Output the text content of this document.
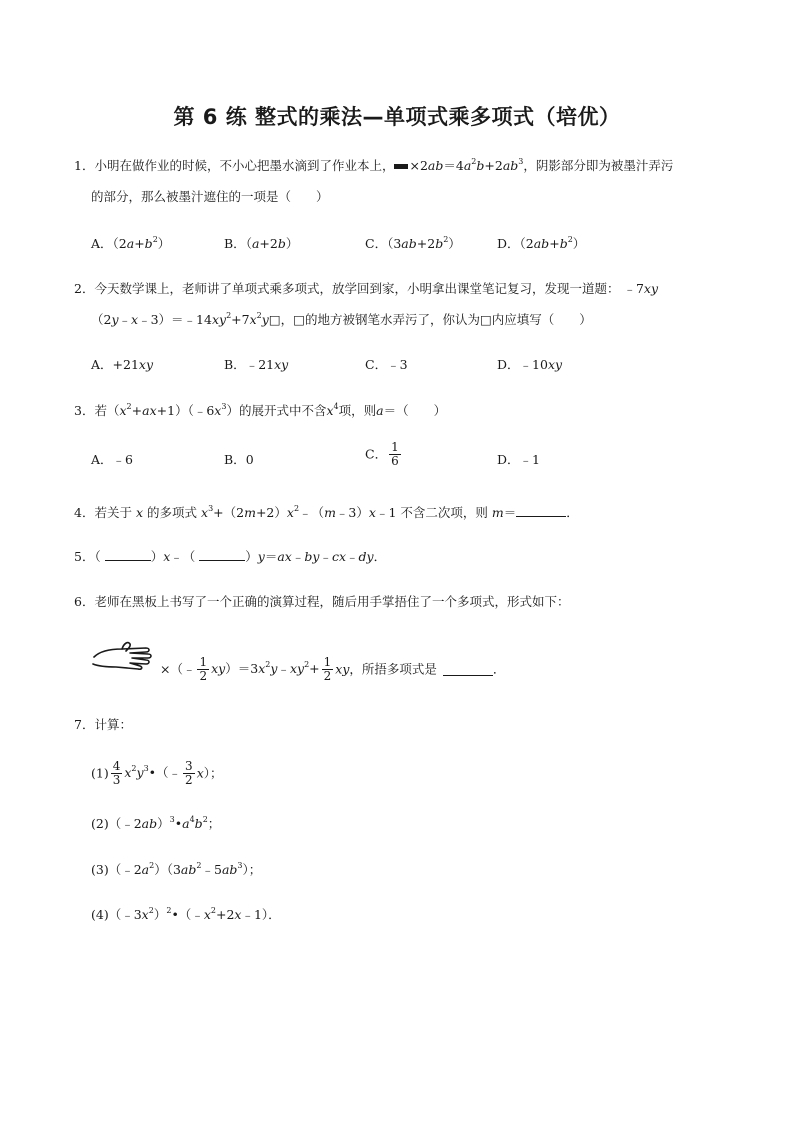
第 6 练 整式的乘法—单项式乘多项式（培优）
1．小明在做作业的时候，不小心把墨水滴到了作业本上， $\times 2ab=4a^2b+2ab^3$，阴影部分即为被墨汁弄污
的部分，那么被墨汁遮住的一项是（　　）
A．$(2a+b^2)$	B．（a+2b）	C．$(3ab+2b^2)$	D．$(2ab+b^2)$
2．今天数学课上，老师讲了单项式乘多项式，放学回到家，小明拿出课堂笔记复习，发现一道题： ﹣7xy
$(2y﹣x﹣3)=﹣14xy^2+7x^2y□$，□的地方被钢笔水弄污了，你认为□内应填写（　　）
A．+21xy	B．﹣21xy	C．﹣3	D．﹣10xy
3．若$(x^2+ax+1)(﹣6x^3)$的展开式中不含$x^4$项，则a＝（　　）
A．﹣6	B．0	C． $\frac{1}{6}$	D．﹣1
4．若关于 x 的多项式 $x^3+(2m+2)x^2﹣(m﹣3)x﹣1$ 不含二次项，则 m＝	．
5．（	）x﹣（	）y＝ax﹣by﹣cx﹣dy．
6．老师在黑板上书写了一个正确的演算过程，随后用手掌捂住了一个多项式，形式如下：
×（﹣ $\frac{1}{2}$ $xy)=3x^2y﹣xy^2+ \frac{1}{2}$ xy，所捂多项式是	．
7．计算：
$(1) \frac{4}{3}$ $x^2y^3•(﹣ \frac{3}{2} x)$；
$(2)(﹣2ab)^3•a^4b^2$；
$(3)(﹣2a^2)(3ab^2﹣5ab^3)$；
$(4)(﹣3x^2)^2•(﹣x^2+2x﹣1)$．
